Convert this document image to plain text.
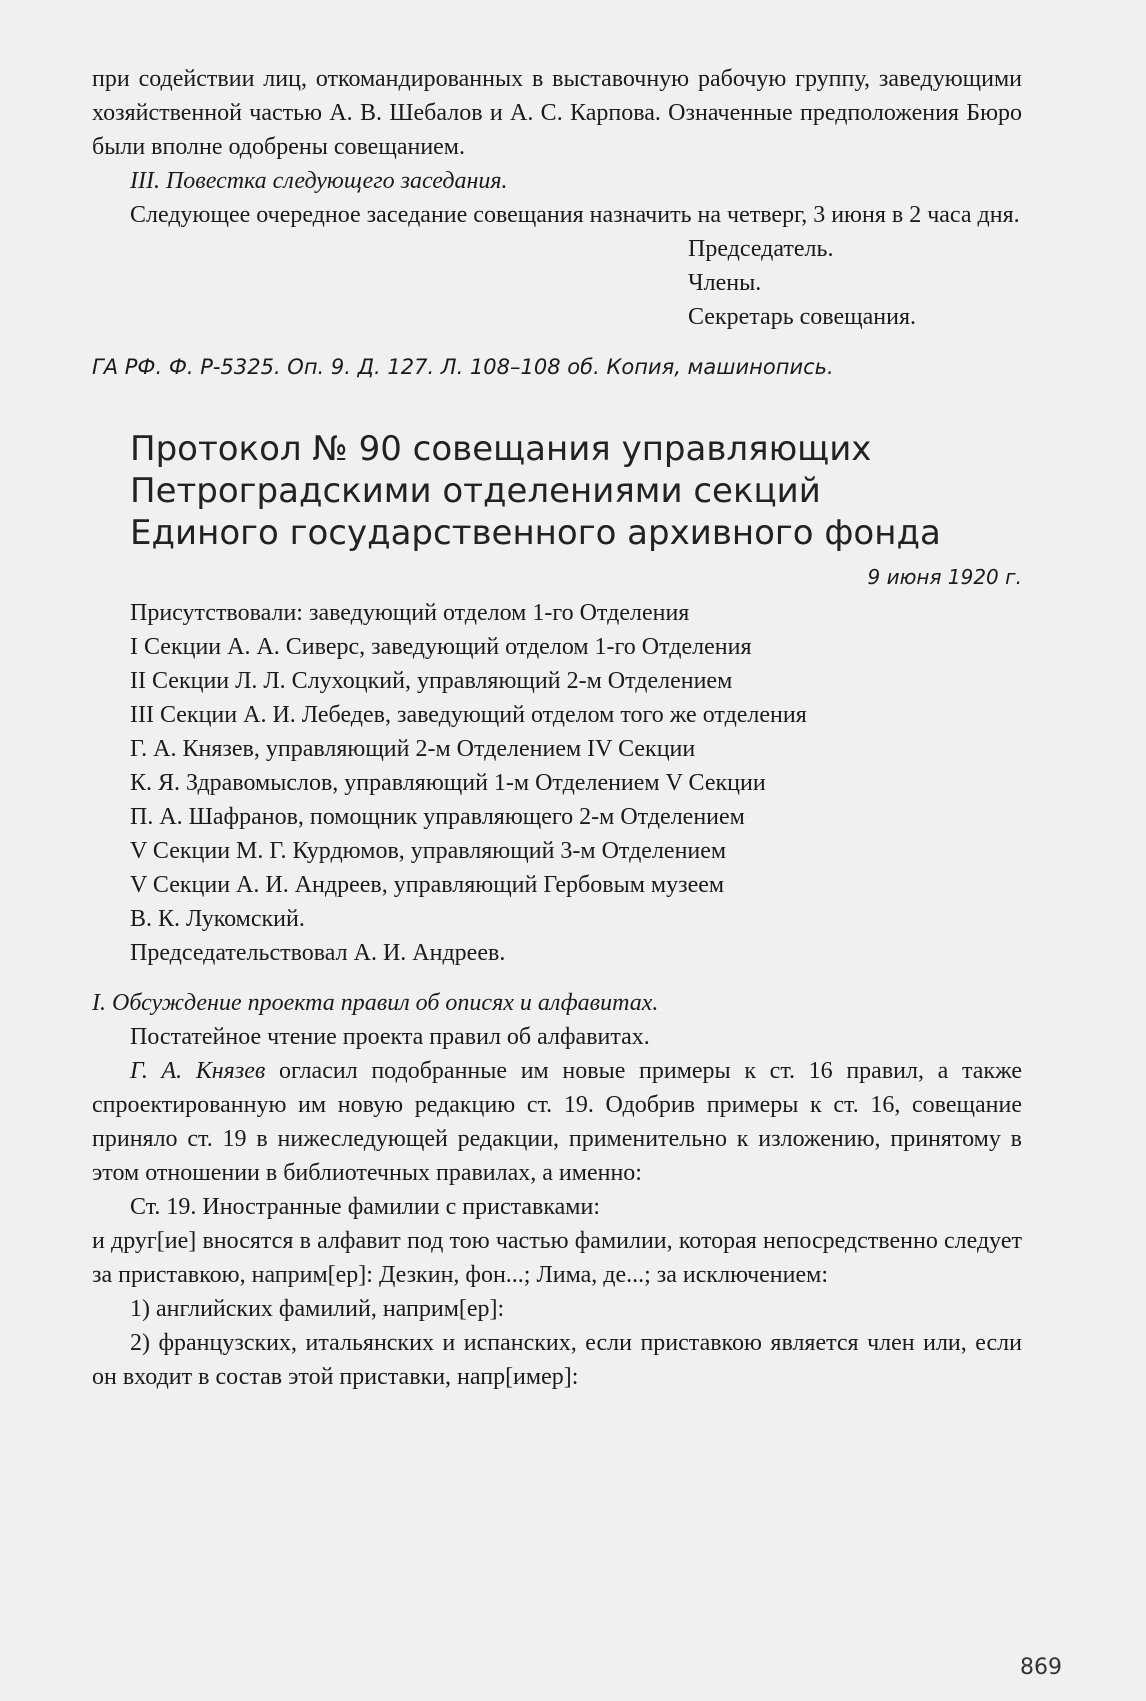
при содействии лиц, откомандированных в выставочную рабочую группу, заведующими хозяйственной частью А. В. Шебалов и А. С. Карпова. Означенные предположения Бюро были вполне одобрены совещанием.

III. Повестка следующего заседания.

Следующее очередное заседание совещания назначить на четверг, 3 июня в 2 часа дня.

Председатель.

Члены.

Секретарь совещания.

ГА РФ. Ф. Р-5325. Оп. 9. Д. 127. Л. 108–108 об. Копия, машинопись.

Протокол № 90 совещания управляющих
Петроградскими отделениями секций
Единого государственного архивного фонда

9 июня 1920 г.

Присутствовали: заведующий отделом 1-го Отделения

I Секции А. А. Сиверс, заведующий отделом 1-го Отделения

II Секции Л. Л. Слухоцкий, управляющий 2-м Отделением

III Секции А. И. Лебедев, заведующий отделом того же отделения

Г. А. Князев, управляющий 2-м Отделением IV Секции

К. Я. Здравомыслов, управляющий 1-м Отделением V Секции

П. А. Шафранов, помощник управляющего 2-м Отделением

V Секции М. Г. Курдюмов, управляющий 3-м Отделением

V Секции А. И. Андреев, управляющий Гербовым музеем

В. К. Лукомский.

Председательствовал А. И. Андреев.

I. Обсуждение проекта правил об описях и алфавитах.

Постатейное чтение проекта правил об алфавитах.

Г. А. Князев огласил подобранные им новые примеры к ст. 16 правил, а также спроектированную им новую редакцию ст. 19. Одобрив примеры к ст. 16, совещание приняло ст. 19 в нижеследующей редакции, применительно к изложению, принятому в этом отношении в библиотечных правилах, а именно:

Ст. 19. Иностранные фамилии с приставками:

и друг[ие] вносятся в алфавит под тою частью фамилии, которая непосредственно следует за приставкою, наприм[ер]: Дезкин, фон...; Лима, де...; за исключением:

1) английских фамилий, наприм[ер]:

2) французских, итальянских и испанских, если приставкою является член или, если он входит в состав этой приставки, напр[имер]:

869
